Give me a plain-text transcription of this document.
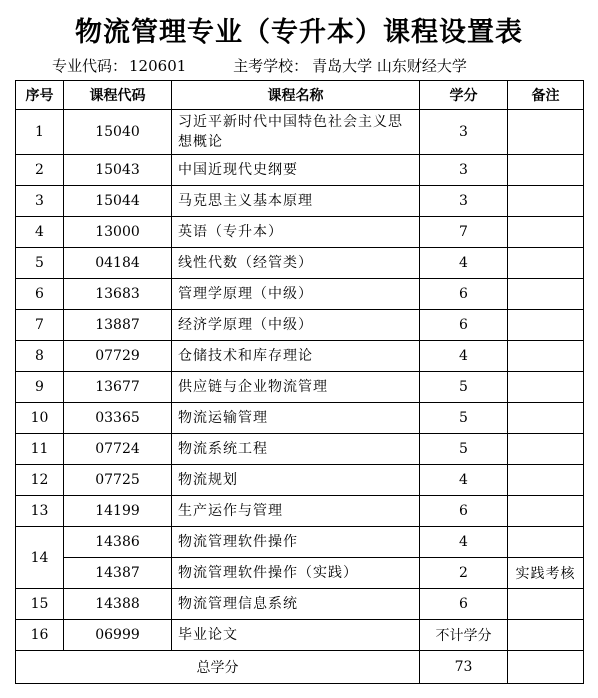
物流管理专业（专升本）课程设置表
专业代码： 120601	主考学校： 青岛大学 山东财经大学
序号	课程代码	课程名称	学分	备注
1	15040	习近平新时代中国特色社会主义思想概论	3	
2	15043	中国近现代史纲要	3	
3	15044	马克思主义基本原理	3	
4	13000	英语（专升本）	7	
5	04184	线性代数（经管类）	4	
6	13683	管理学原理（中级）	6	
7	13887	经济学原理（中级）	6	
8	07729	仓储技术和库存理论	4	
9	13677	供应链与企业物流管理	5	
10	03365	物流运输管理	5	
11	07724	物流系统工程	5	
12	07725	物流规划	4	
13	14199	生产运作与管理	6	
14	14386	物流管理软件操作	4	
	14387	物流管理软件操作（实践）	2	实践考核
15	14388	物流管理信息系统	6	
16	06999	毕业论文	不计学分	
总学分			73	
